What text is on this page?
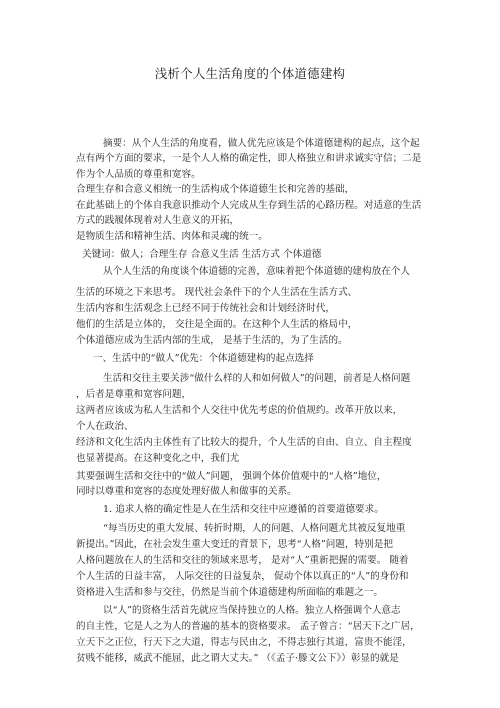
浅析个人生活角度的个体道德建构
摘要：从个人生活的角度看，做人优先应该是个体道德建构的起点，这个起
点有两个方面的要求，一是个人人格的确定性，即人格独立和讲求诚实守信；二是
作为个人品质的尊重和宽容。
合理生存和合意义相统一的生活构成个体道德生长和完善的基础，
在此基础上的个体自我意识推动个人完成从生存到生活的心路历程。对适意的生活
方式的践履体现着对人生意义的开拓，
是物质生活和精神生活、肉体和灵魂的统一。
关键词：做人；合理生存 合意义生活 生活方式 个体道德
从个人生活的角度谈个体道德的完善，意味着把个体道德的建构放在个人
生活的环境之下来思考。 现代社会条件下的个人生活在生活方式、
生活内容和生活观念上已经不同于传统社会和计划经济时代，
他们的生活是立体的， 交往是全面的。在这种个人生活的格局中，
个体道德应成为生活内部的生成， 是基于生活的，为了生活的。
一、生活中的“做人”优先：个体道德建构的起点选择
生活和交往主要关涉“做什么样的人和如何做人”的问题，前者是人格问题
，后者是尊重和宽容问题，
这两者应该成为私人生活和个人交往中优先考虑的价值规约。改革开放以来，
个人在政治、
经济和文化生活内主体性有了比较大的提升，个人生活的自由、自立、自主程度
也显著提高。在这种变化之中，我们尤
其要强调生活和交往中的“做人”问题， 强调个体价值观中的“人格”地位，
同时以尊重和宽容的态度处理好做人和做事的关系。
1. 追求人格的确定性是人在生活和交往中应遵循的首要道德要求。
“每当历史的重大发展、转折时期，人的问题、人格问题尤其被反复地重
新提出。”因此，在社会发生重大变迁的背景下，思考“人格”问题，特别是把
人格问题放在人的生活和交往的领域来思考， 是对“人”重新把握的需要。 随着
个人生活的日益丰富， 人际交往的日益复杂， 促动个体以真正的“人”的身份和
资格进入生活和参与交往，仍然是当前个体道德建构所面临的难题之一。
以“人”的资格生活首先就应当保持独立的人格。独立人格强调个人意志
的自主性，它是人之为人的普遍的基本的资格要求。 孟子曾言：“居天下之广居，
立天下之正位，行天下之大道，得志与民由之，不得志独行其道，富贵不能淫，
贫贱不能移，威武不能屈，此之谓大丈夫。” （《孟子·滕文公下》）彰显的就是
